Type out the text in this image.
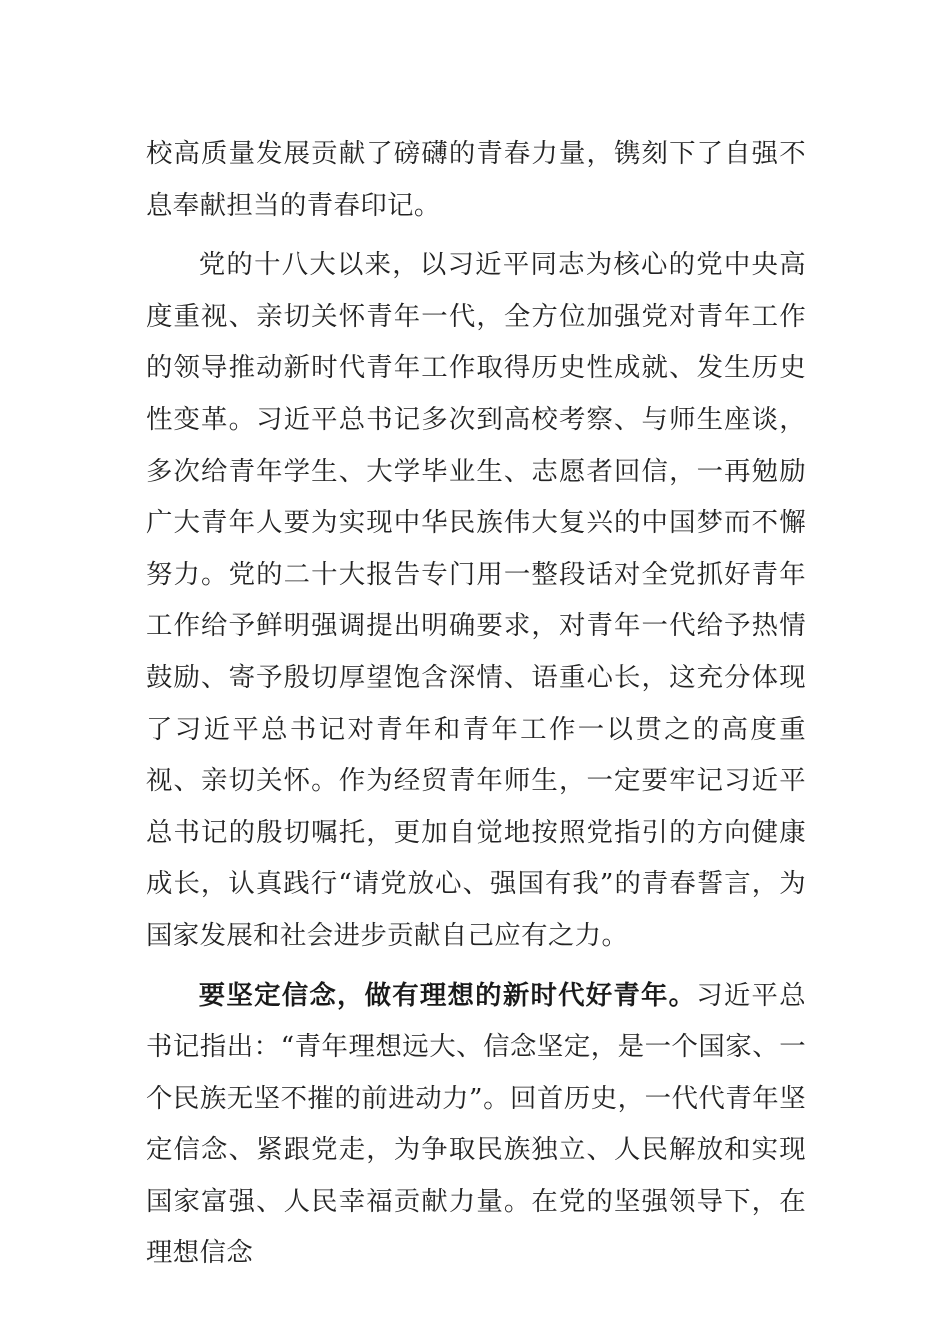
校高质量发展贡献了磅礴的青春力量，镌刻下了自强不息奉献担当的青春印记。

党的十八大以来，以习近平同志为核心的党中央高度重视、亲切关怀青年一代，全方位加强党对青年工作的领导推动新时代青年工作取得历史性成就、发生历史性变革。习近平总书记多次到高校考察、与师生座谈，多次给青年学生、大学毕业生、志愿者回信，一再勉励广大青年人要为实现中华民族伟大复兴的中国梦而不懈努力。党的二十大报告专门用一整段话对全党抓好青年工作给予鲜明强调提出明确要求，对青年一代给予热情鼓励、寄予殷切厚望饱含深情、语重心长，这充分体现了习近平总书记对青年和青年工作一以贯之的高度重视、亲切关怀。作为经贸青年师生，一定要牢记习近平总书记的殷切嘱托，更加自觉地按照党指引的方向健康成长，认真践行“请党放心、强国有我”的青春誓言，为国家发展和社会进步贡献自己应有之力。

要坚定信念，做有理想的新时代好青年。习近平总书记指出：“青年理想远大、信念坚定，是一个国家、一个民族无坚不摧的前进动力”。回首历史，一代代青年坚定信念、紧跟党走，为争取民族独立、人民解放和实现国家富强、人民幸福贡献力量。在党的坚强领导下，在理想信念
